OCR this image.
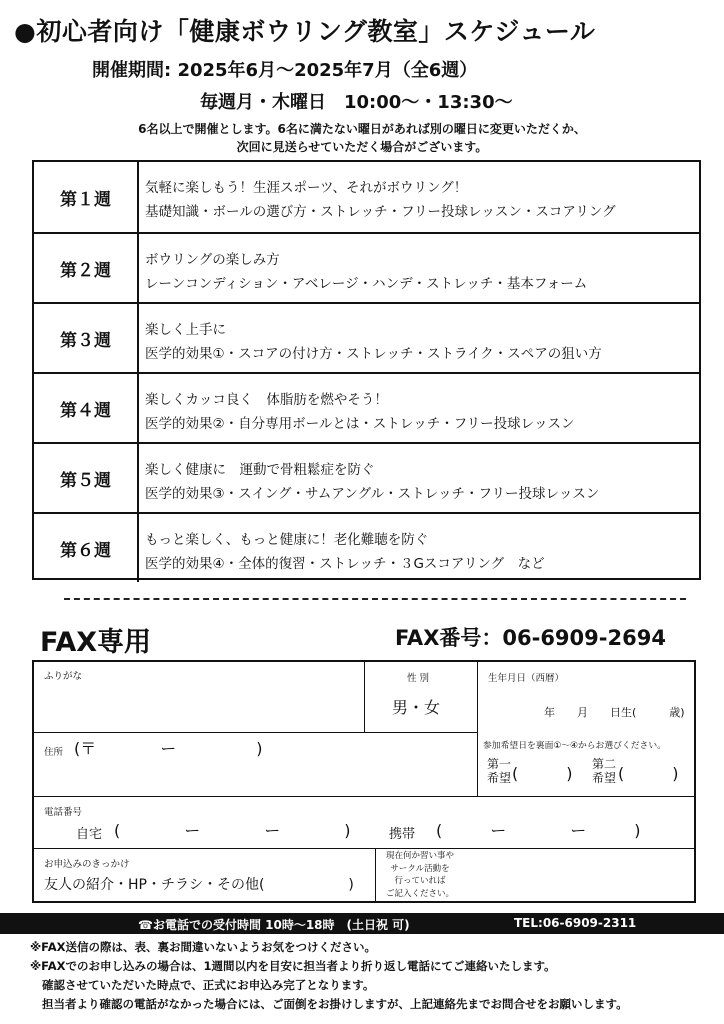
●初心者向け「健康ボウリング教室」スケジュール
開催期間: 2025年6月～2025年7月（全6週）
毎週月・木曜日　10:00～・13:30～
6名以上で開催とします。6名に満たない曜日があれば別の曜日に変更いただくか、
次回に見送らせていただく場合がございます。
第１週
気軽に楽しもう！生涯スポーツ、それがボウリング！
基礎知識・ボールの選び方・ストレッチ・フリー投球レッスン・スコアリング
第２週
ボウリングの楽しみ方
レーンコンディション・アベレージ・ハンデ・ストレッチ・基本フォーム
第３週
楽しく上手に
医学的効果①・スコアの付け方・ストレッチ・ストライク・スペアの狙い方
第４週
楽しくカッコ良く　体脂肪を燃やそう！
医学的効果②・自分専用ボールとは・ストレッチ・フリー投球レッスン
第５週
楽しく健康に　運動で骨粗鬆症を防ぐ
医学的効果③・スイング・サムアングル・ストレッチ・フリー投球レッスン
第６週
もっと楽しく、もっと健康に！老化難聴を防ぐ
医学的効果④・全体的復習・ストレッチ・３Gスコアリング　など
FAX専用	FAX番号：06-6909-2694
ふりがな	性 別
男・女
生年月日（西暦）
年　　月　　日生(　　　歳)
住所 (〒　　　　ー　　　　　)	参加希望日を裏面①～④からお選びください。
第一
希望 (　　　) 第二
希望 (　　　)
電話番号
自宅 (　　　　ー　　　　ー　　　　)	携帯 (　　　ー　　　　ー　　　)
お申込みのきっかけ
友人の紹介・HP・チラシ・その他(　　　　　　)
現在何か習い事や
サークル活動を
行っていれば
ご記入ください。
☎お電話での受付時間 10時～18時　(土日祝 可)	TEL:06-6909-2311
※FAX送信の際は、表、裏お間違いないようお気をつけください。
※FAXでのお申し込みの場合は、1週間以内を目安に担当者より折り返し電話にてご連絡いたします。
確認させていただいた時点で、正式にお申込み完了となります。
担当者より確認の電話がなかった場合には、ご面倒をお掛けしますが、上記連絡先までお問合せをお願いします。
